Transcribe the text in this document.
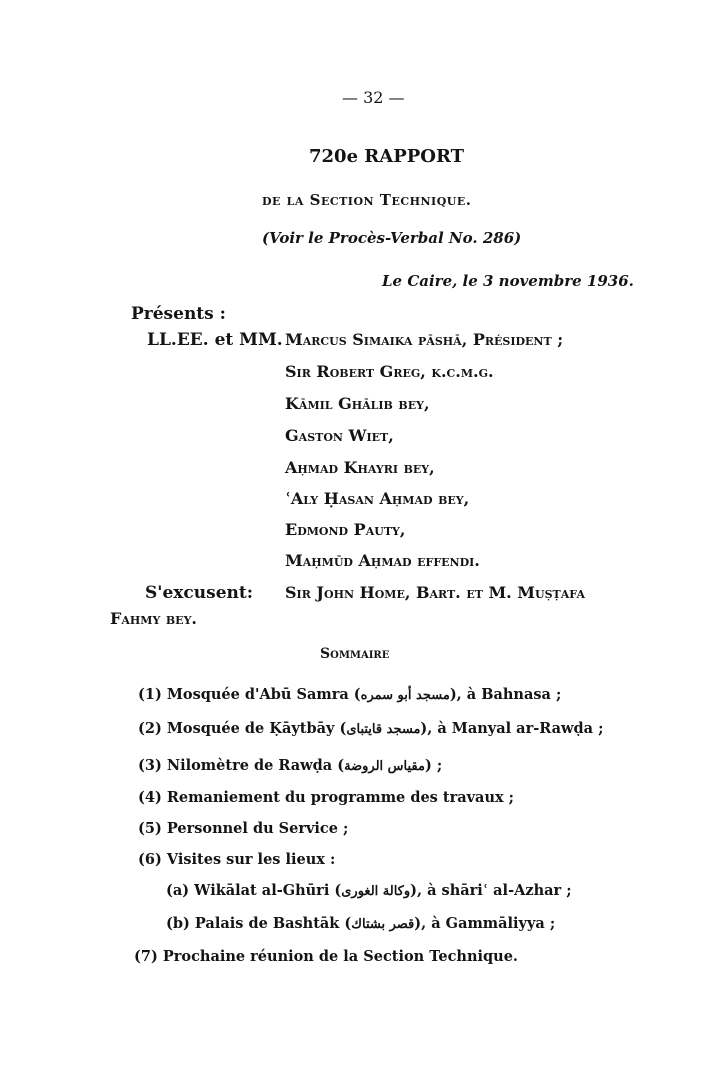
— 32 —
720e RAPPORT
de la Section Technique.
(Voir le Procès-Verbal No. 286)
Le Caire, le 3 novembre 1936.
Présents :
LL.EE. et MM. Marcus Simaika pāshā, Président ;
Sir Robert Greg, k.c.m.g.
Kāmil Ghālib bey,
Gaston Wiet,
Aḥmad Khayri bey,
ʿAly Ḥasan Aḥmad bey,
Edmond Pauty,
Maḥmūd Aḥmad effendi.
S'excusent: Sir John Home, Bart. et M. Muṣṭafa
Fahmy bey.
Sommaire
(1) Mosquée d'Abū Samra (مسجد أبو سمره), à Bahnasa ;
(2) Mosquée de Ḳāytbāy (مسجد قايتباى), à Manyal ar-Rawḍa ;
(3) Nilomètre de Rawḍa (مقياس الروضة) ;
(4) Remaniement du programme des travaux ;
(5) Personnel du Service ;
(6) Visites sur les lieux :
(a) Wikālat al-Ghūri (وكالة الغورى), à shāriʿ al-Azhar ;
(b) Palais de Bashtāk (قصر بشتاك), à Gammāliyya ;
(7) Prochaine réunion de la Section Technique.
